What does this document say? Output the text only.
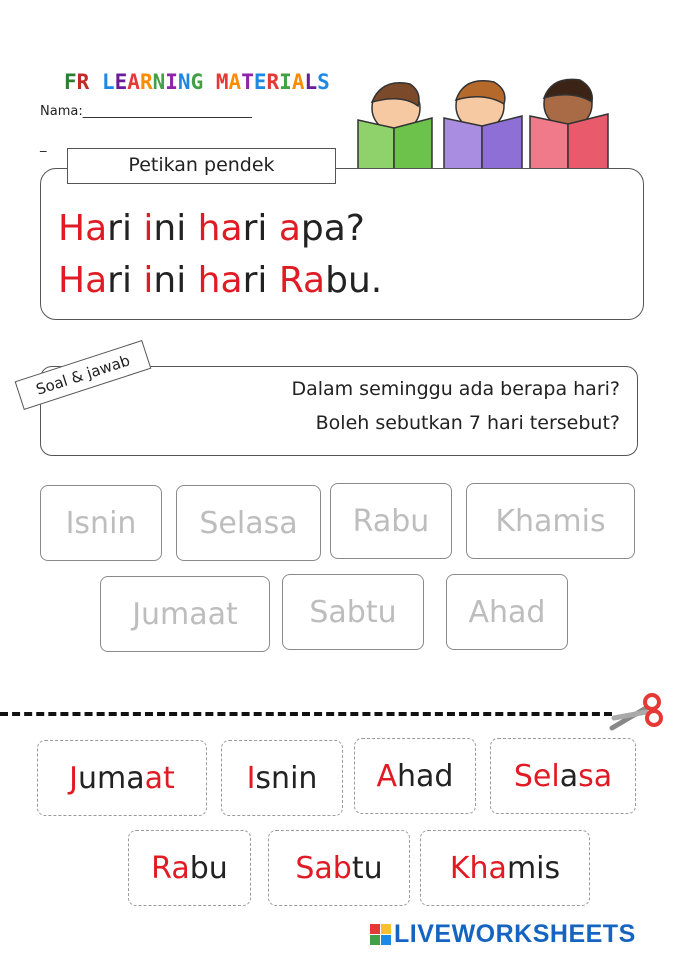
FR LEARNING MATERIALS
Nama:__________________________
_
Petikan pendek
Hari ini hari apa?
Hari ini hari Rabu.
Soal & jawab	Dalam seminggu ada berapa hari?
Boleh sebutkan 7 hari tersebut?
Isnin	Selasa	Rabu	Khamis
Jumaat	Sabtu	Ahad
J u m a at I snin A had Sel a sa
Ra bu Sab tu Kha mis
LIVEWORKSHEETS
